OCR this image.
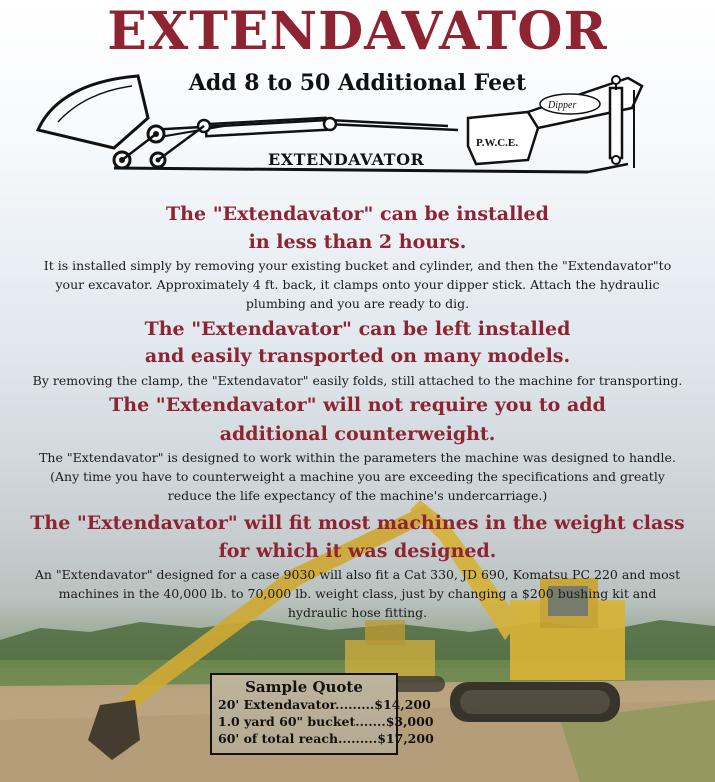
EXTENDAVATOR
P.W.C.E.
Dipper
Add 8 to 50 Additional Feet
EXTENDAVATOR
The "Extendavator" can be installed
in less than 2 hours.
It is installed simply by removing your existing bucket and cylinder, and then the "Extendavator"to
your excavator. Approximately 4 ft. back, it clamps onto your dipper stick. Attach the hydraulic
plumbing and you are ready to dig.
The "Extendavator" can be left installed
and easily transported on many models.
By removing the clamp, the "Extendavator" easily folds, still attached to the machine for transporting.
The "Extendavator" will not require you to add
additional counterweight.
The "Extendavator" is designed to work within the parameters the machine was designed to handle.
(Any time you have to counterweight a machine you are exceeding the specifications and greatly
reduce the life expectancy of the machine's undercarriage.)
The "Extendavator" will fit most machines in the weight class
for which it was designed.
An "Extendavator" designed for a case 9030 will also fit a Cat 330, JD 690, Komatsu PC 220 and most
machines in the 40,000 lb. to 70,000 lb. weight class, just by changing a $200 bushing kit and
hydraulic hose fitting.
Sample Quote
20' Extendavator.........$14,200
1.0 yard 60" bucket.......$3,000
60' of total reach.........$17,200
